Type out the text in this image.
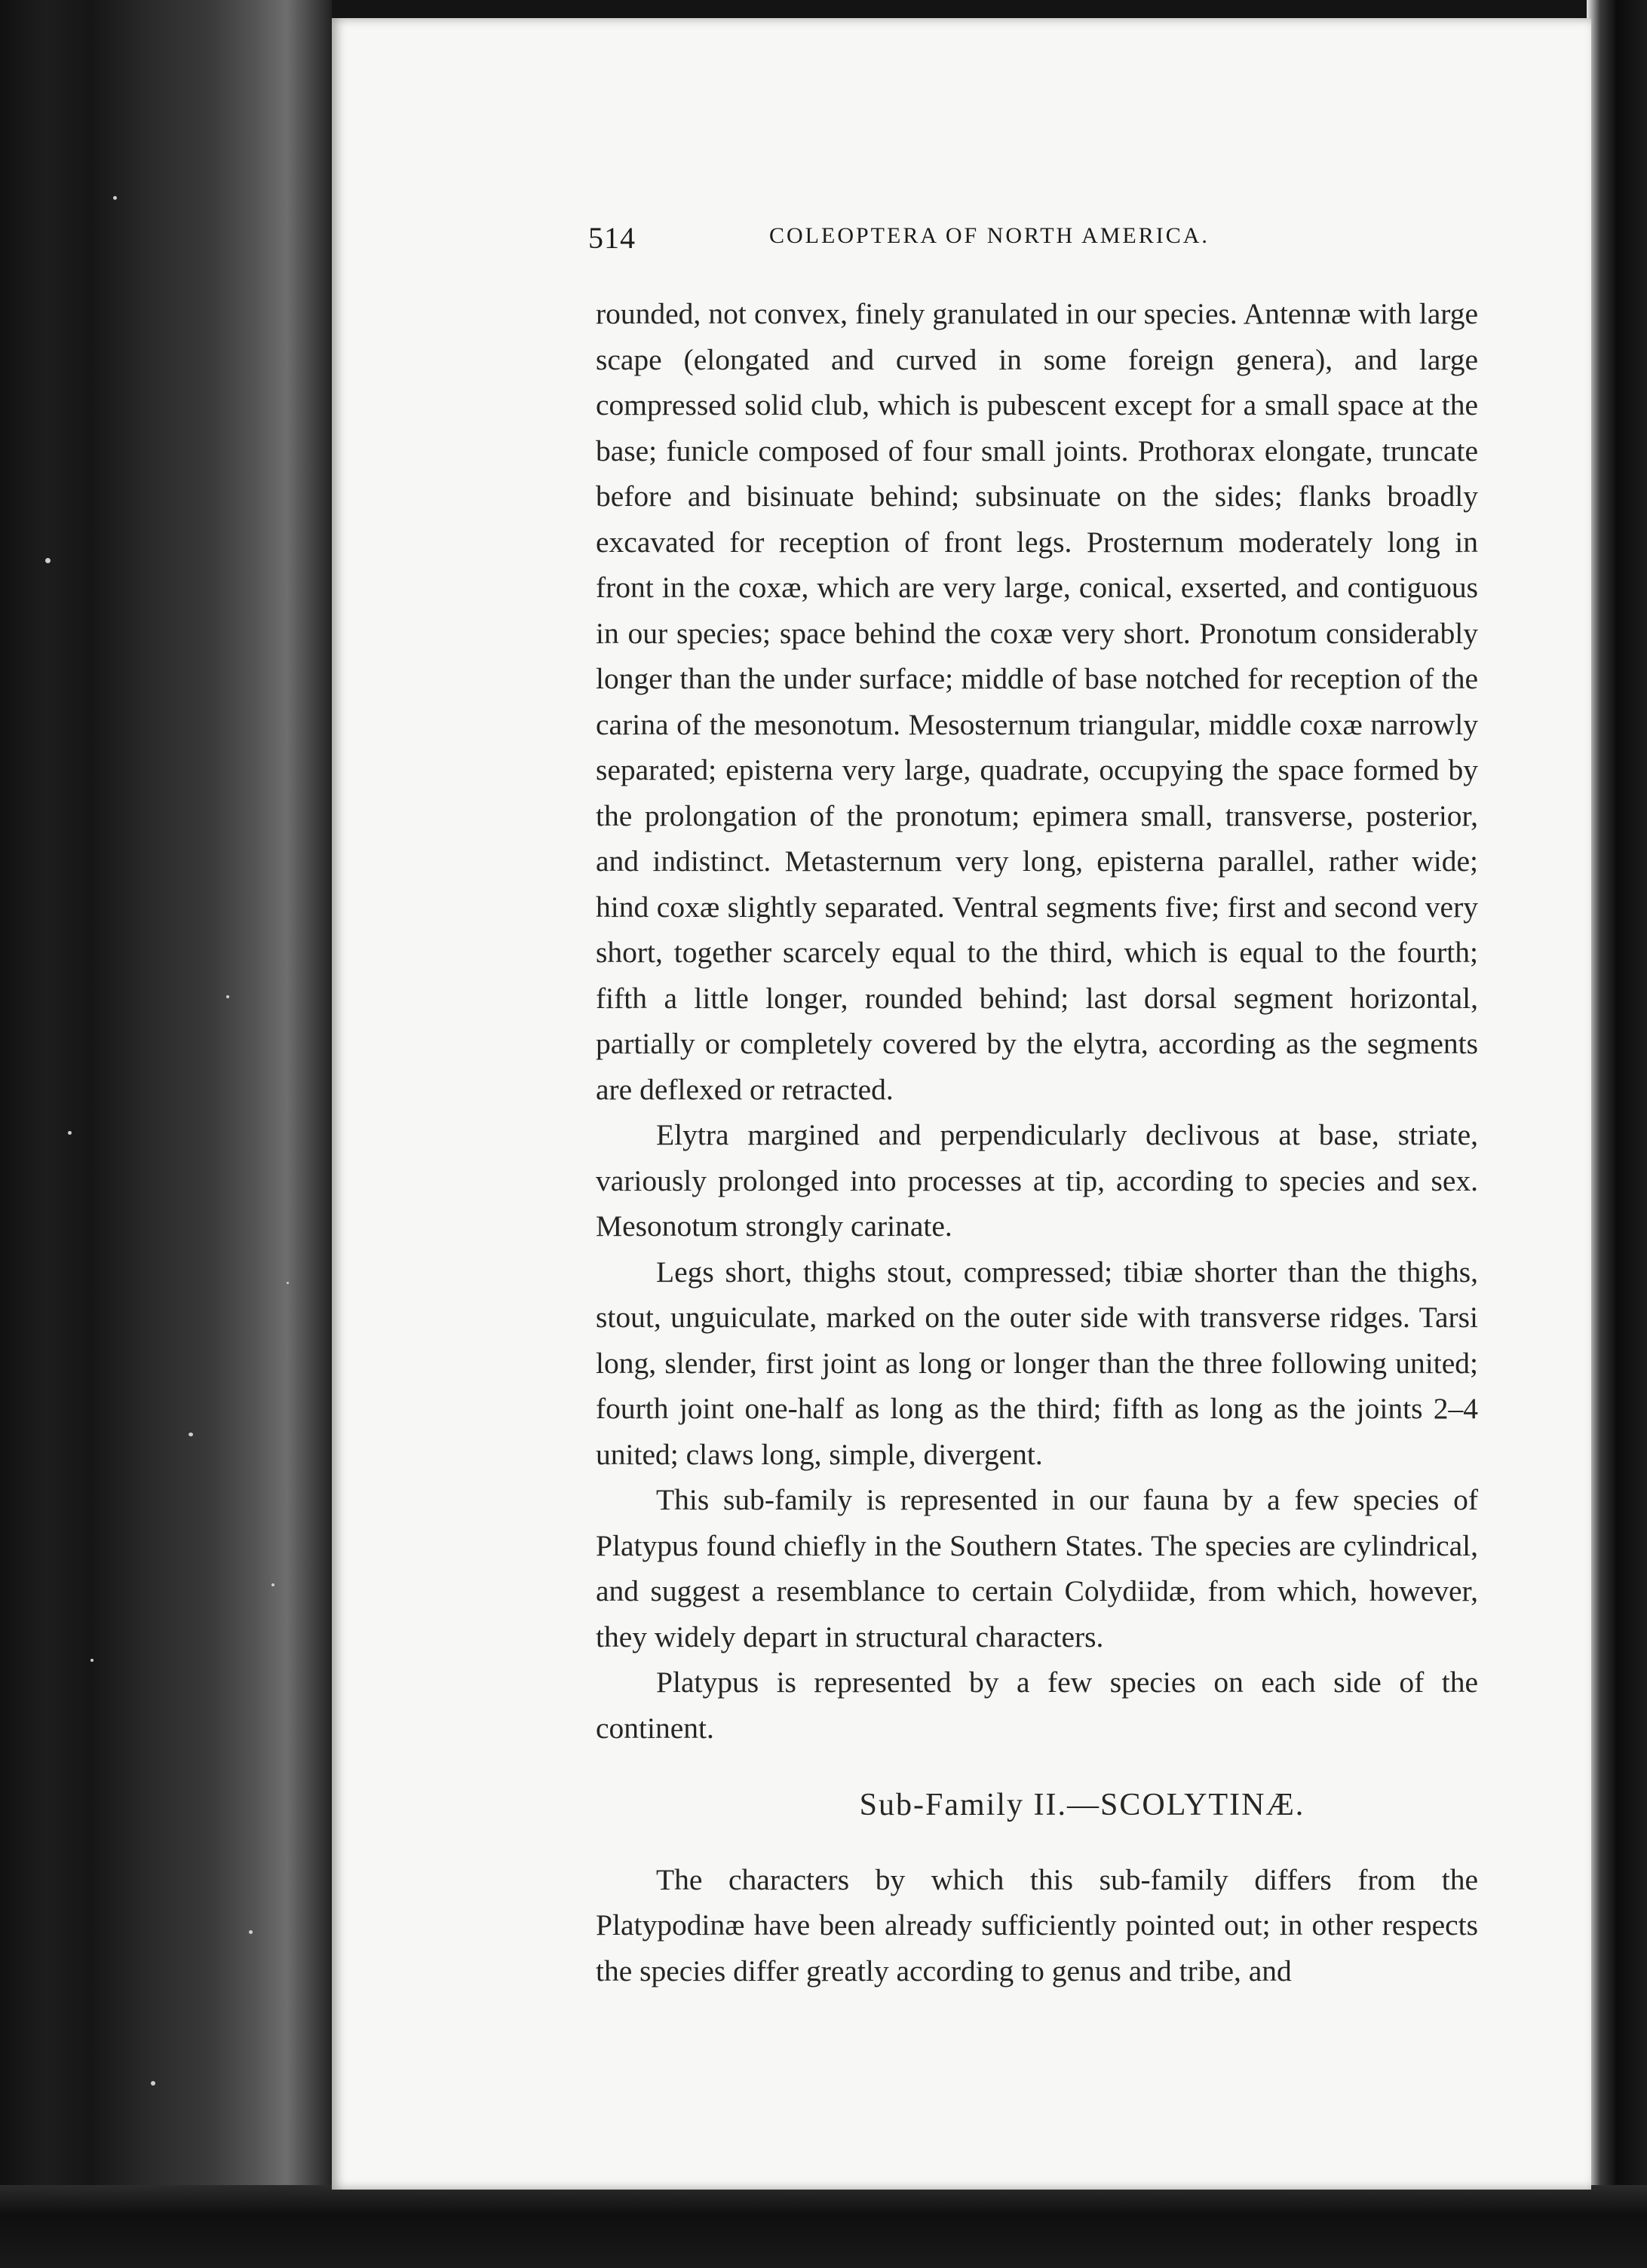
514	COLEOPTERA OF NORTH AMERICA.

rounded, not convex, finely granulated in our species. Antennæ with large scape (elongated and curved in some foreign genera), and large compressed solid club, which is pubescent except for a small space at the base; funicle composed of four small joints. Prothorax elongate, truncate before and bisinuate behind; subsinuate on the sides; flanks broadly excavated for reception of front legs. Prosternum moderately long in front in the coxæ, which are very large, conical, exserted, and contiguous in our species; space behind the coxæ very short. Pronotum considerably longer than the under surface; middle of base notched for reception of the carina of the mesonotum. Mesosternum triangular, middle coxæ narrowly separated; episterna very large, quadrate, occupying the space formed by the prolongation of the pronotum; epimera small, transverse, posterior, and indistinct. Metasternum very long, episterna parallel, rather wide; hind coxæ slightly separated. Ventral segments five; first and second very short, together scarcely equal to the third, which is equal to the fourth; fifth a little longer, rounded behind; last dorsal segment horizontal, partially or completely covered by the elytra, according as the segments are deflexed or retracted.

Elytra margined and perpendicularly declivous at base, striate, variously prolonged into processes at tip, according to species and sex. Mesonotum strongly carinate.

Legs short, thighs stout, compressed; tibiæ shorter than the thighs, stout, unguiculate, marked on the outer side with transverse ridges. Tarsi long, slender, first joint as long or longer than the three following united; fourth joint one-half as long as the third; fifth as long as the joints 2–4 united; claws long, simple, divergent.

This sub-family is represented in our fauna by a few species of Platypus found chiefly in the Southern States. The species are cylindrical, and suggest a resemblance to certain Colydiidæ, from which, however, they widely depart in structural characters.

Platypus is represented by a few species on each side of the continent.

Sub-Family II.—SCOLYTINÆ.

The characters by which this sub-family differs from the Platypodinæ have been already sufficiently pointed out; in other respects the species differ greatly according to genus and tribe, and
